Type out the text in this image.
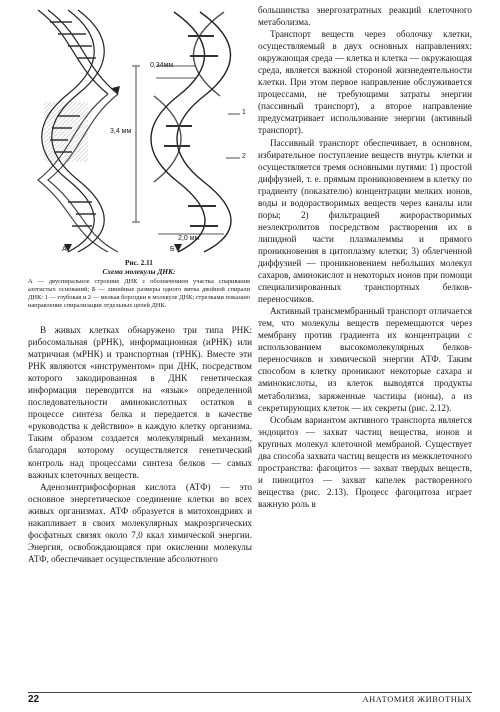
0,34мм
3,4 мм
1
2
2,0 мм
А	Б
Рис. 2.11
Схема молекулы ДНК:
А — двуспиральное строение ДНК с обозначением участка спаривания азотистых оснований; Б — линейные размеры одного витка двойной спирали ДНК: 1 — глубокая и 2 — мелкая бороздки в молекуле ДНК; стрелками показано направление спирализации отдельных цепей ДНК.

В живых клетках обнаружено три типа РНК: рибосомальная (рРНК), информационная (иРНК) или матричная (мРНК) и транспортная (тРНК). Вместе эти РНК являются «инструментом» при ДНК, посредством которого закодированная в ДНК генетическая информация переводится на «язык» определенной последовательности аминокислотных остатков в процессе синтеза белка и передается в качестве «руководства к действию» в каждую клетку организма. Таким образом создается молекулярный механизм, благодаря которому осуществляется генетический контроль над процессами синтеза белков — самых важных клеточных веществ.

Аденозинтрифосфорная кислота (АТФ) — это основное энергетическое соединение клетки во всех живых организмах. АТФ образуется в митохондриях и накапливает в своих молекулярных макроэргических фосфатных связях около 7,0 ккал химической энергии. Энергия, освобождающаяся при окислении молекулы АТФ, обеспечивает осуществление абсолютного

большинства энергозатратных реакций клеточного метаболизма.

Транспорт веществ через оболочку клетки, осуществляемый в двух основных направлениях: окружающая среда — клетка и клетка — окружающая среда, является важной стороной жизнедеятельности клетки. При этом первое направление обслуживается процессами, не требующими затраты энергии (пассивный транспорт), а второе направление предусматривает использование энергии (активный транспорт).

Пассивный транспорт обеспечивает, в основном, избирательное поступление веществ внутрь клетки и осуществляется тремя основными путями: 1) простой диффузией, т. е. прямым проникновением в клетку по градиенту (показателю) концентрации мелких ионов, воды и водорастворимых веществ через каналы или поры; 2) фильтрацией жирорастворимых неэлектролитов посредством растворения их в липидной части плазмалеммы и прямого проникновения в цитоплазму клетки; 3) облегченной диффузией — проникновением небольших молекул сахаров, аминокислот и некоторых ионов при помощи специализированных транспортных белков-переносчиков.

Активный трансмембранный транспорт отличается тем, что молекулы веществ перемещаются через мембрану против градиента их концентрации с использованием высокомолекулярных белков-переносчиков и химической энергии АТФ. Таким способом в клетку проникают некоторые сахара и аминокислоты, из клеток выводятся продукты метаболизма, заряженные частицы (ионы), а из секретирующих клеток — их секреты (рис. 2.12).

Особым вариантом активного транспорта является эндоцитоз — захват частиц вещества, ионов и крупных молекул клеточной мембраной. Существует два способа захвата частиц веществ из межклеточного пространства: фагоцитоз — захват твердых веществ, и пиноцитоз — захват капелек растворенного вещества (рис. 2.13). Процесс фагоцитоза играет важную роль в

22	АНАТОМИЯ ЖИВОТНЫХ
